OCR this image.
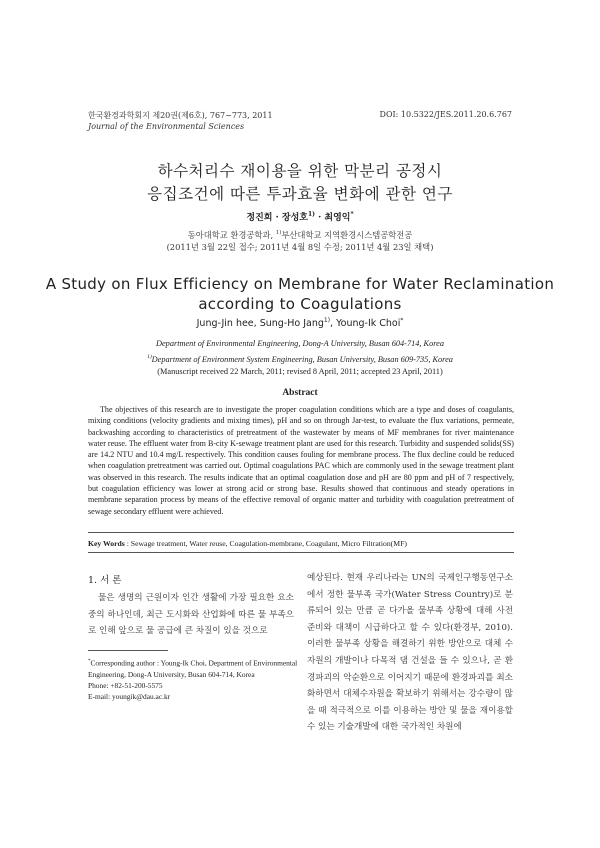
한국환경과학회지 제20권(제6호), 767~773, 2011
Journal of the Environmental Sciences
DOI: 10.5322/JES.2011.20.6.767
하수처리수 재이용을 위한 막분리 공정시
응집조건에 따른 투과효율 변화에 관한 연구
정진희 · 장성호$^{1)}$ · 최영익*
동아대학교 환경공학과, $^{1)}$부산대학교 지역환경시스템공학전공
(2011년 3월 22일 접수; 2011년 4월 8일 수정; 2011년 4월 23일 채택)
A Study on Flux Efficiency on Membrane for Water Reclamination
according to Coagulations
Jung-Jin hee, Sung-Ho Jang$^{1)}$, Young-Ik Choi*
Department of Environmental Engineering, Dong-A University, Busan 604-714, Korea
$^{1)}$Department of Environment System Engineering, Busan University, Busan 609-735, Korea
(Manuscript received 22 March, 2011; revised 8 April, 2011; accepted 23 April, 2011)
Abstract

The objectives of this research are to investigate the proper coagulation conditions which are a type and doses of coagulants, mixing conditions (velocity gradients and mixing times), pH and so on through Jar-test, to evaluate the flux variations, permeate, backwashing according to characteristics of pretreatment of the wastewater by means of MF membranes for river maintenance water reuse. The effluent water from B-city K-sewage treatment plant are used for this research. Turbidity and suspended solids(SS) are 14.2 NTU and 10.4 mg/L respectively. This condition causes fouling for membrane process. The flux decline could be reduced when coagulation pretreatment was carried out. Optimal coagulations PAC which are commonly used in the sewage treatment plant was observed in this research. The results indicate that an optimal coagulation dose and pH are 80 ppm and pH of 7 respectively, but coagulation efficiency was lower at strong acid or strong base. Results showed that continuous and steady operations in membrane separation process by means of the effective removal of organic matter and turbidity with coagulation pretreatment of sewage secondary effluent were achieved.

Key Words : Sewage treatment, Water reuse, Coagulation-membrane, Coagulant, Micro Filtration(MF)
1. 서 론

물은 생명의 근원이자 인간 생활에 가장 필요한 요소 중의 하나인데, 최근 도시화와 산업화에 따른 물 부족으로 인해 앞으로 물 공급에 큰 차질이 있을 것으로

예상된다. 현재 우리나라는 UN의 국제인구행동연구소에서 정한 물부족 국가(Water Stress Country)로 분류되어 있는 만큼 곧 다가올 물부족 상황에 대해 사전 준비와 대책이 시급하다고 할 수 있다(환경부, 2010). 이러한 물부족 상황을 해결하기 위한 방안으로 대체 수자원의 개발이나 다목적 댐 건설을 들 수 있으나, 곧 환경파괴의 악순환으로 이어지기 때문에 환경파괴를 최소화하면서 대체수자원을 확보하기 위해서는 강수량이 많을 때 적극적으로 이를 이용하는 방안 및 물을 재이용할 수 있는 기술개발에 대한 국가적인 차원에

*Corresponding author : Young-Ik Choi, Department of Environmental Engineering, Dong-A University, Busan 604-714, Korea
Phone: +82-51-200-5575
E-mail: youngik@dau.ac.kr
